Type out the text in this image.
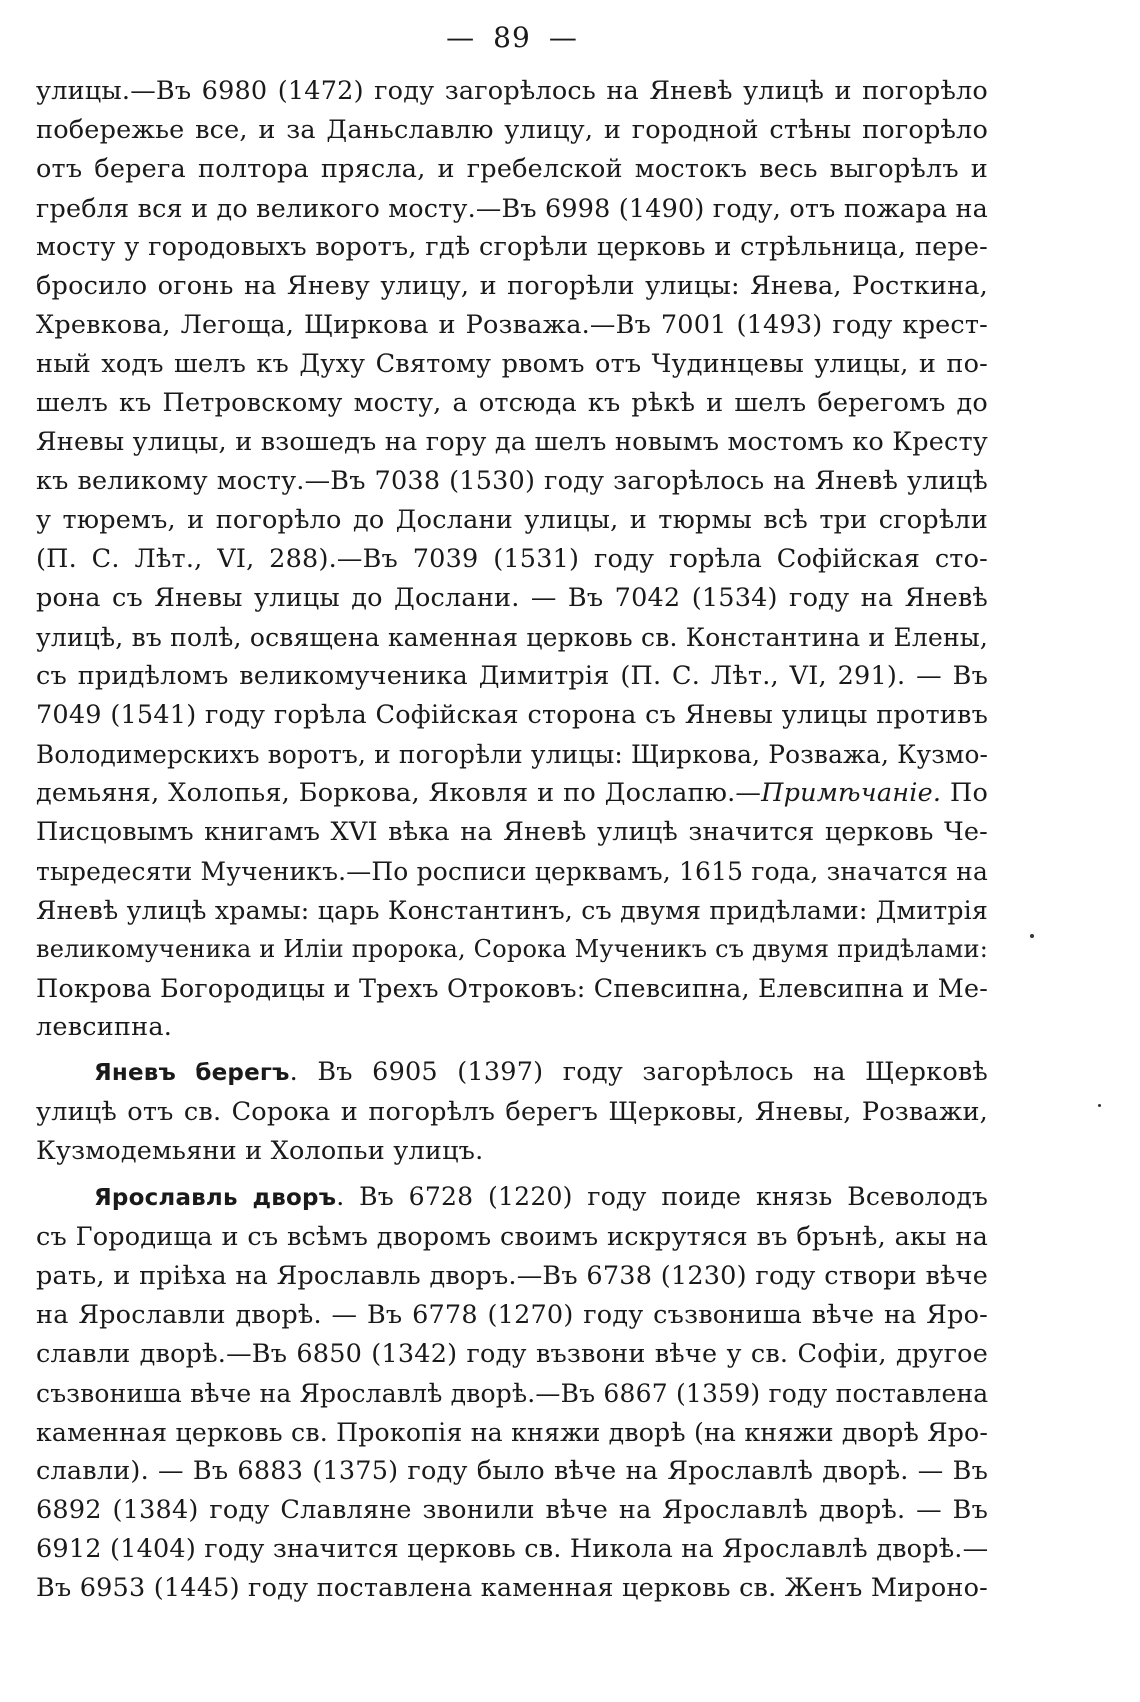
— 89 —
улицы.—Въ 6980 (1472) году загорѣлось на Яневѣ улицѣ и погорѣло
побережье все, и за Даньславлю улицу, и городной стѣны погорѣло
отъ берега полтора прясла, и гребелской мостокъ весь выгорѣлъ и
гребля вся и до великого мосту.—Въ 6998 (1490) году, отъ пожара на
мосту у городовыхъ воротъ, гдѣ сгорѣли церковь и стрѣльница, пере-
бросило огонь на Яневу улицу, и погорѣли улицы: Янева, Росткина,
Хревкова, Легоща, Щиркова и Розважа.—Въ 7001 (1493) году крест-
ный ходъ шелъ къ Духу Святому рвомъ отъ Чудинцевы улицы, и по-
шелъ къ Петровскому мосту, а отсюда къ рѣкѣ и шелъ берегомъ до
Яневы улицы, и взошедъ на гору да шелъ новымъ мостомъ ко Кресту
къ великому мосту.—Въ 7038 (1530) году загорѣлось на Яневѣ улицѣ
у тюремъ, и погорѣло до Дослани улицы, и тюрмы всѣ три сгорѣли
(П. С. Лѣт., VI, 288).—Въ 7039 (1531) году горѣла Софійская сто-
рона съ Яневы улицы до Дослани. — Въ 7042 (1534) году на Яневѣ
улицѣ, въ полѣ, освящена каменная церковь св. Константина и Елены,
съ придѣломъ великомученика Димитрія (П. С. Лѣт., VI, 291). — Въ
7049 (1541) году горѣла Софійская сторона съ Яневы улицы противъ
Володимерскихъ воротъ, и погорѣли улицы: Щиркова, Розважа, Кузмо-
демьяня, Холопья, Боркова, Яковля и по Дослапю.—Примѣчаніе. По
Писцовымъ книгамъ XVI вѣка на Яневѣ улицѣ значится церковь Че-
тыредесяти Мученикъ.—По росписи церквамъ, 1615 года, значатся на
Яневѣ улицѣ храмы: царь Константинъ, съ двумя придѣлами: Дмитрія
великомученика и Иліи пророка, Сорока Мученикъ съ двумя придѣлами:
Покрова Богородицы и Трехъ Отроковъ: Спевсипна, Елевсипна и Ме-
левсипна.
Яневъ берегъ. Въ 6905 (1397) году загорѣлось на Щерковѣ
улицѣ отъ св. Сорока и погорѣлъ берегъ Щерковы, Яневы, Розважи,
Кузмодемьяни и Холопьи улицъ.
Ярославль дворъ. Въ 6728 (1220) году поиде князь Всеволодъ
съ Городища и съ всѣмъ дворомъ своимъ искрутяся въ брънѣ, акы на
рать, и пріѣха на Ярославль дворъ.—Въ 6738 (1230) году створи вѣче
на Ярославли дворѣ. — Въ 6778 (1270) году съзвониша вѣче на Яро-
славли дворѣ.—Въ 6850 (1342) году възвони вѣче у св. Софіи, другое
съзвониша вѣче на Ярославлѣ дворѣ.—Въ 6867 (1359) году поставлена
каменная церковь св. Прокопія на княжи дворѣ (на княжи дворѣ Яро-
славли). — Въ 6883 (1375) году было вѣче на Ярославлѣ дворѣ. — Въ
6892 (1384) году Славляне звонили вѣче на Ярославлѣ дворѣ. — Въ
6912 (1404) году значится церковь св. Никола на Ярославлѣ дворѣ.—
Въ 6953 (1445) году поставлена каменная церковь св. Женъ Мироно-
